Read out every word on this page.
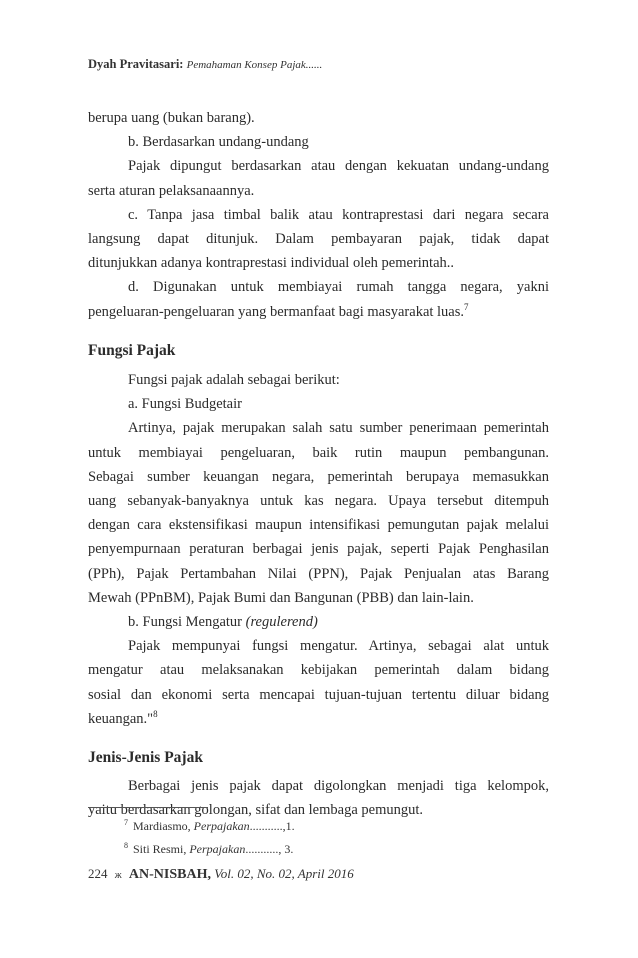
Dyah Pravitasari: Pemahaman Konsep Pajak......

berupa uang (bukan barang).

b. Berdasarkan undang-undang

Pajak dipungut berdasarkan atau dengan kekuatan undang-undang

serta aturan pelaksanaannya.

c. Tanpa jasa timbal balik atau kontraprestasi dari negara secara

langsung dapat ditunjuk. Dalam pembayaran pajak, tidak dapat

ditunjukkan adanya kontraprestasi individual oleh pemerintah..

d. Digunakan untuk membiayai rumah tangga negara, yakni

pengeluaran-pengeluaran yang bermanfaat bagi masyarakat luas.$^7$

Fungsi Pajak

Fungsi pajak adalah sebagai berikut:

a. Fungsi Budgetair

Artinya, pajak merupakan salah satu sumber penerimaan pemerintah

untuk membiayai pengeluaran, baik rutin maupun pembangunan.

Sebagai sumber keuangan negara, pemerintah berupaya memasukkan

uang sebanyak-banyaknya untuk kas negara. Upaya tersebut ditempuh

dengan cara ekstensifikasi maupun intensifikasi pemungutan pajak melalui

penyempurnaan peraturan berbagai jenis pajak, seperti Pajak Penghasilan

(PPh), Pajak Pertambahan Nilai (PPN), Pajak Penjualan atas Barang

Mewah (PPnBM), Pajak Bumi dan Bangunan (PBB) dan lain-lain.

b. Fungsi Mengatur (regulerend)

Pajak mempunyai fungsi mengatur. Artinya, sebagai alat untuk

mengatur atau melaksanakan kebijakan pemerintah dalam bidang

sosial dan ekonomi serta mencapai tujuan-tujuan tertentu diluar bidang

keuangan."$^8$

Jenis-Jenis Pajak

Berbagai jenis pajak dapat digolongkan menjadi tiga kelompok,

yaitu berdasarkan golongan, sifat dan lembaga pemungut.

$^7$ Mardiasmo, Perpajakan...........,1.
$^8$ Siti Resmi, Perpajakan..........., 3.
224 ж AN-NISBAH, Vol. 02, No. 02, April 2016
